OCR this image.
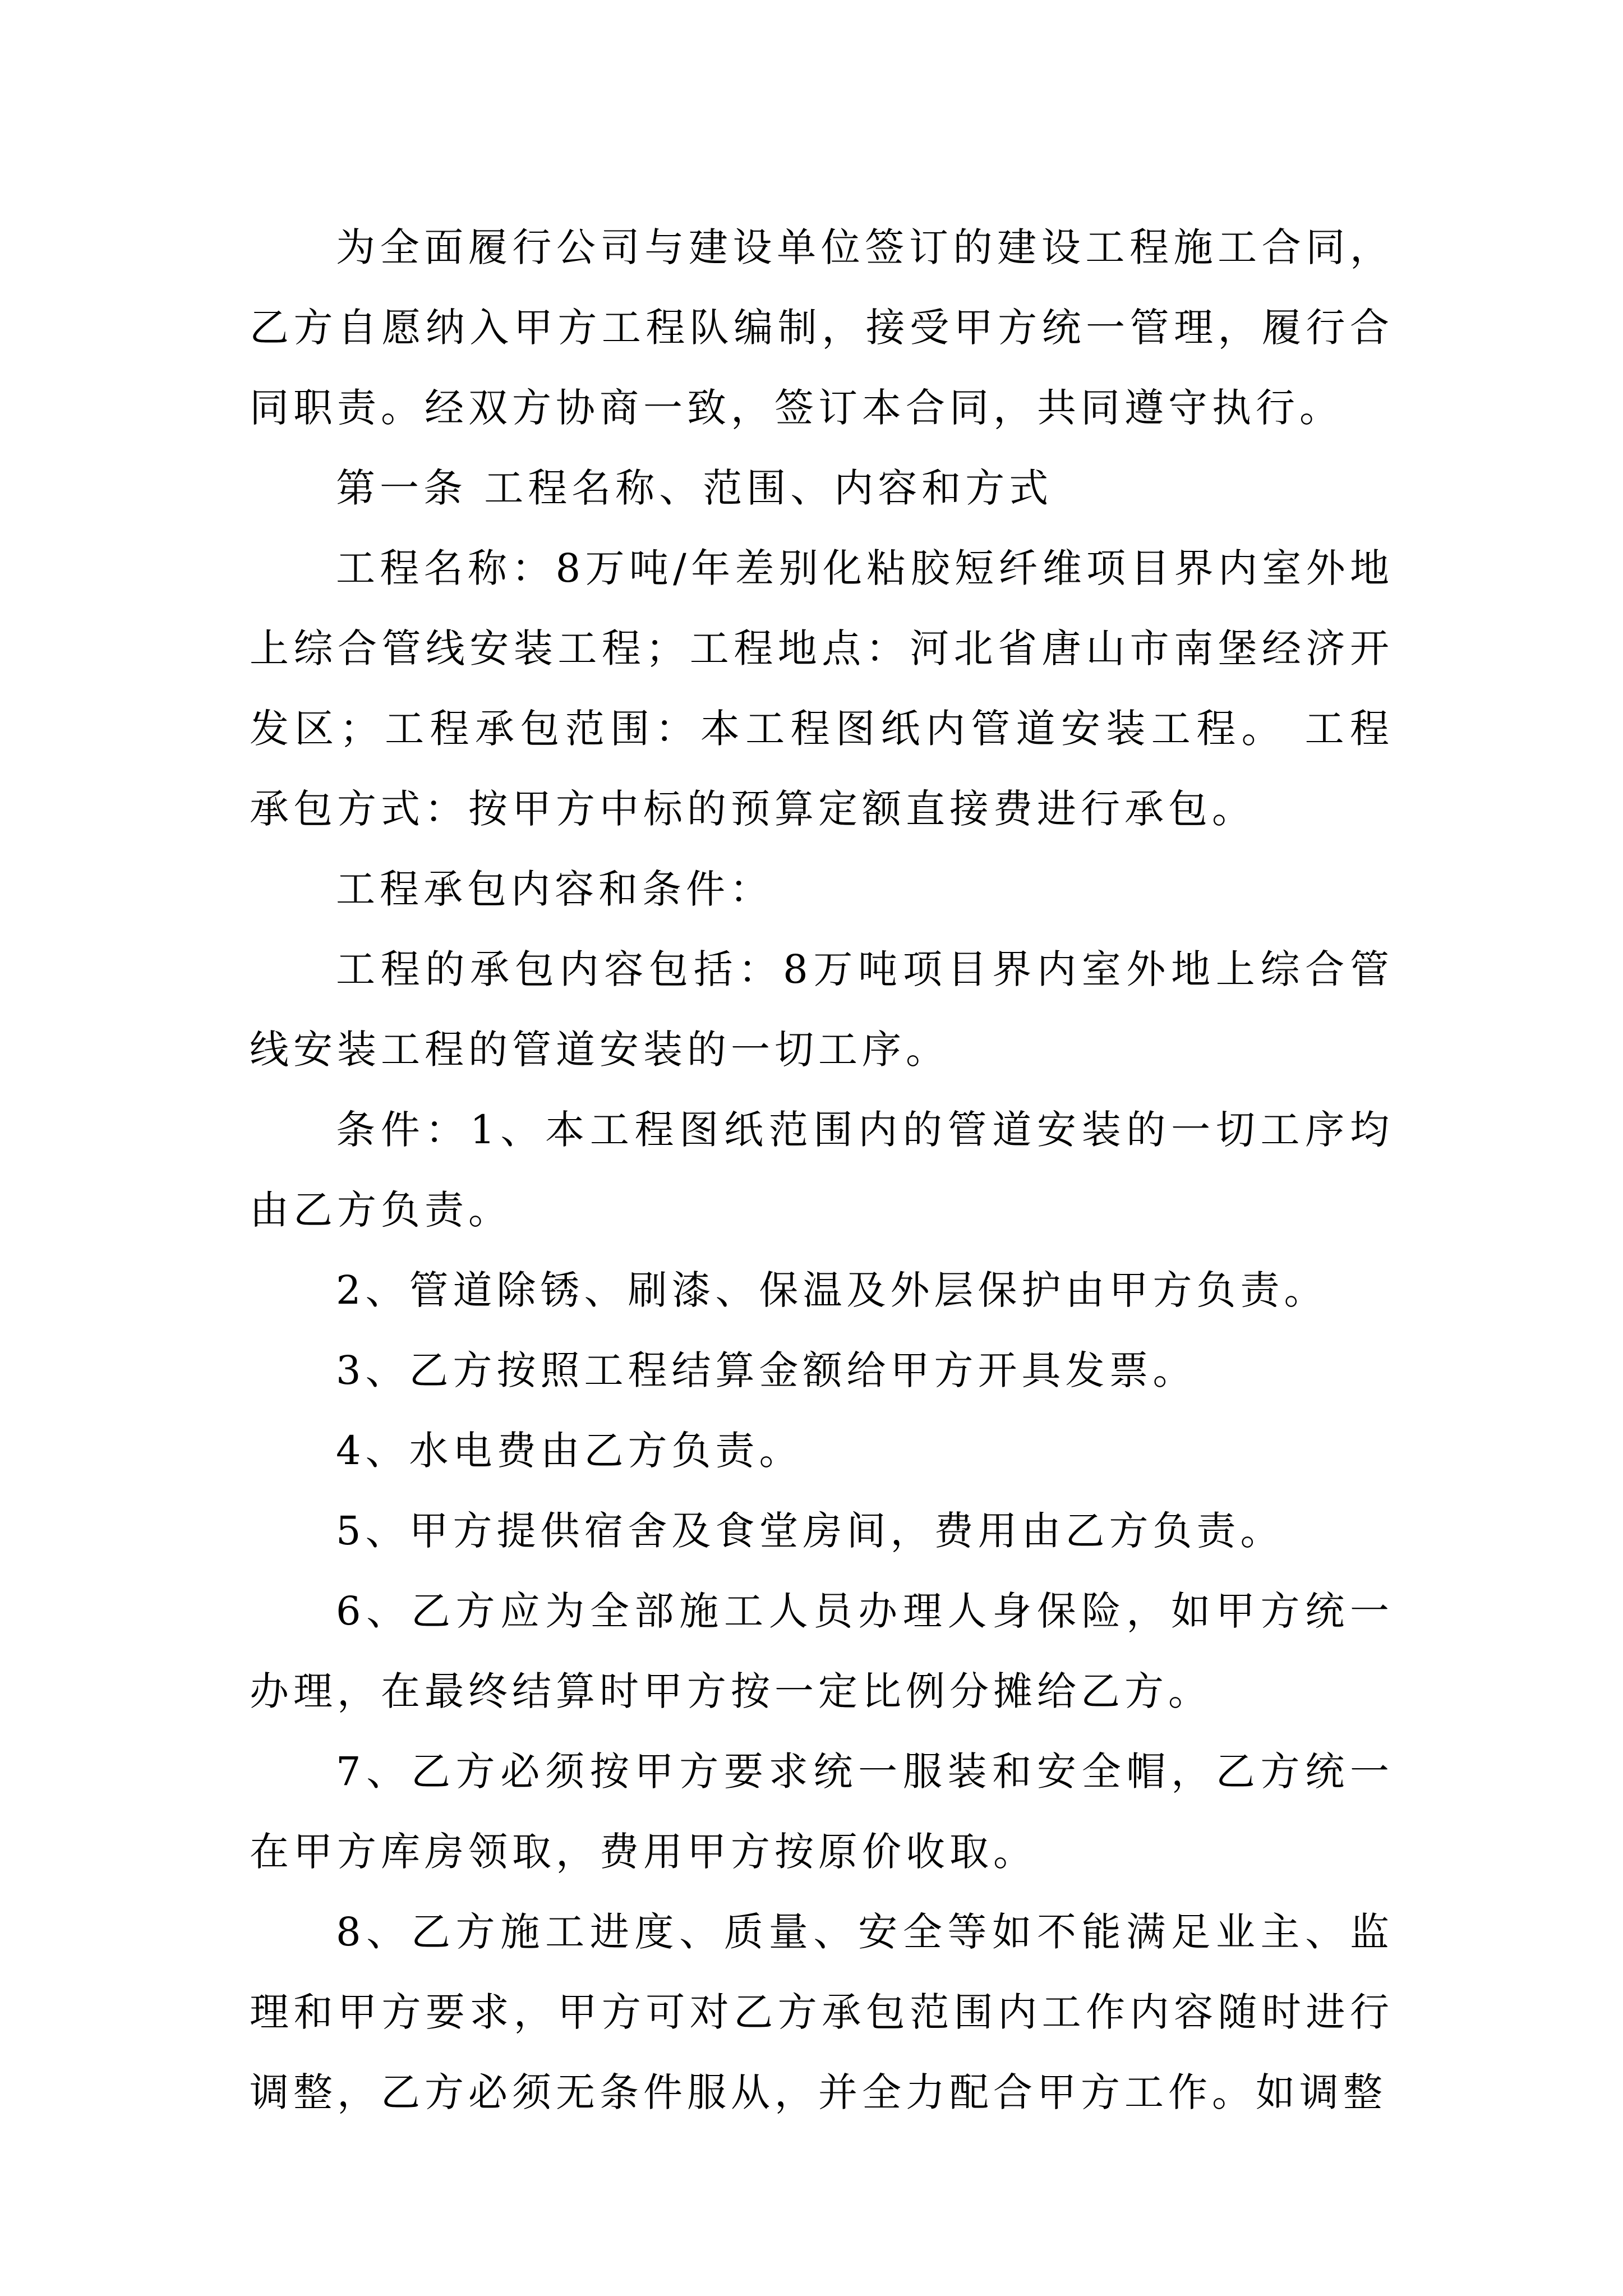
为全面履行公司与建设单位签订的建设工程施工合同，乙方自愿纳入甲方工程队编制，接受甲方统一管理，履行合同职责。经双方协商一致，签订本合同，共同遵守执行。

第一条 工程名称、范围、内容和方式

工程名称：8万吨/年差别化粘胶短纤维项目界内室外地上综合管线安装工程；工程地点：河北省唐山市南堡经济开发区；工程承包范围：本工程图纸内管道安装工程。 工程承包方式：按甲方中标的预算定额直接费进行承包。

工程承包内容和条件：

工程的承包内容包括：8万吨项目界内室外地上综合管线安装工程的管道安装的一切工序。

条件：1、本工程图纸范围内的管道安装的一切工序均由乙方负责。

2、管道除锈、刷漆、保温及外层保护由甲方负责。

3、乙方按照工程结算金额给甲方开具发票。

4、水电费由乙方负责。

5、甲方提供宿舍及食堂房间，费用由乙方负责。

6、乙方应为全部施工人员办理人身保险，如甲方统一办理，在最终结算时甲方按一定比例分摊给乙方。

7、乙方必须按甲方要求统一服装和安全帽，乙方统一在甲方库房领取，费用甲方按原价收取。

8、乙方施工进度、质量、安全等如不能满足业主、监理和甲方要求，甲方可对乙方承包范围内工作内容随时进行调整，乙方必须无条件服从，并全力配合甲方工作。如调整
